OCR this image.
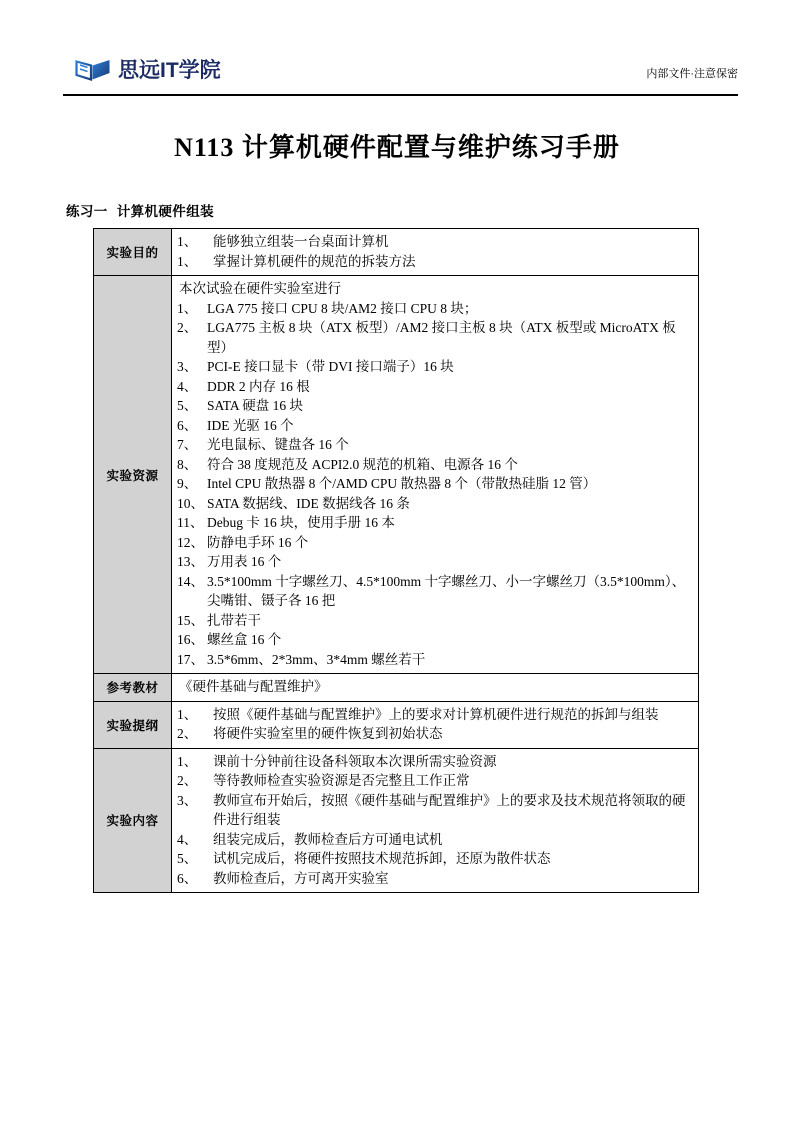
思远IT学院	内部文件·注意保密
N113 计算机硬件配置与维护练习手册
练习一 计算机硬件组装
实验目的	
1、	能够独立组装一台桌面计算机
1、	掌握计算机硬件的规范的拆装方法

实验资源	
本次试验在硬件实验室进行
1、 LGA 775 接口 CPU 8 块/AM2 接口 CPU 8 块；
2、 LGA775 主板 8 块（ATX 板型）/AM2 接口主板 8 块（ATX 板型或 MicroATX 板型）
3、 PCI-E 接口显卡（带 DVI 接口端子）16 块
4、 DDR 2 内存 16 根
5、 SATA 硬盘 16 块
6、 IDE 光驱 16 个
7、 光电鼠标、键盘各 16 个
8、 符合 38 度规范及 ACPI2.0 规范的机箱、电源各 16 个
9、 Intel CPU 散热器 8 个/AMD CPU 散热器 8 个（带散热硅脂 12 管）
10、 SATA 数据线、IDE 数据线各 16 条
11、 Debug 卡 16 块，使用手册 16 本
12、 防静电手环 16 个
13、 万用表 16 个
14、 3.5*100mm 十字螺丝刀、4.5*100mm 十字螺丝刀、小一字螺丝刀（3.5*100mm）、尖嘴钳、镊子各 16 把
15、 扎带若干
16、 螺丝盒 16 个
17、 3.5*6mm、2*3mm、3*4mm 螺丝若干

参考教材	《硬件基础与配置维护》

实验提纲	
1、	按照《硬件基础与配置维护》上的要求对计算机硬件进行规范的拆卸与组装
2、	将硬件实验室里的硬件恢复到初始状态

实验内容	
1、	课前十分钟前往设备科领取本次课所需实验资源
2、	等待教师检查实验资源是否完整且工作正常
3、	教师宣布开始后，按照《硬件基础与配置维护》上的要求及技术规范将领取的硬件进行组装
4、	组装完成后，教师检查后方可通电试机
5、	试机完成后，将硬件按照技术规范拆卸，还原为散件状态
6、	教师检查后，方可离开实验室
